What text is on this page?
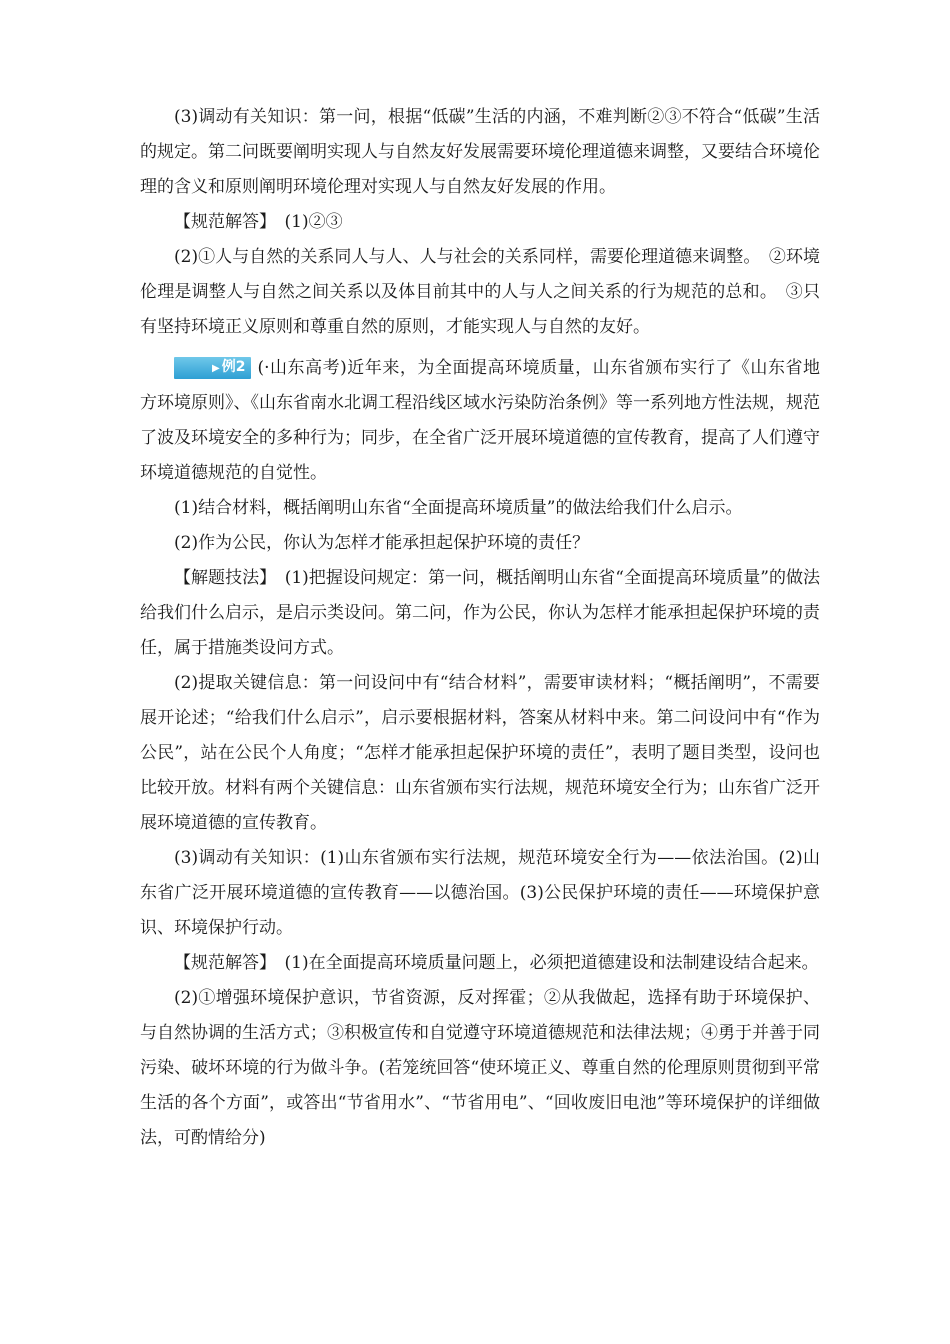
(3)调动有关知识：第一问，根据“低碳”生活的内涵，不难判断②③不符合“低碳”生活的规定。第二问既要阐明实现人与自然友好发展需要环境伦理道德来调整，又要结合环境伦理的含义和原则阐明环境伦理对实现人与自然友好发展的作用。

【规范解答】　(1)②③

(2)①人与自然的关系同人与人、人与社会的关系同样，需要伦理道德来调整。　②环境伦理是调整人与自然之间关系以及体目前其中的人与人之间关系的行为规范的总和。　③只有坚持环境正义原则和尊重自然的原则，才能实现人与自然的友好。

▶ 例2 (·山东高考)近年来，为全面提高环境质量，山东省颁布实行了《山东省地方环境原则》、《山东省南水北调工程沿线区域水污染防治条例》等一系列地方性法规，规范了波及环境安全的多种行为；同步，在全省广泛开展环境道德的宣传教育，提高了人们遵守环境道德规范的自觉性。

(1)结合材料，概括阐明山东省“全面提高环境质量”的做法给我们什么启示。

(2)作为公民，你认为怎样才能承担起保护环境的责任？

【解题技法】　(1)把握设问规定：第一问，概括阐明山东省“全面提高环境质量”的做法给我们什么启示，是启示类设问。第二问，作为公民，你认为怎样才能承担起保护环境的责任，属于措施类设问方式。

(2)提取关键信息：第一问设问中有“结合材料”，需要审读材料；“概括阐明”，不需要展开论述；“给我们什么启示”，启示要根据材料，答案从材料中来。第二问设问中有“作为公民”，站在公民个人角度；“怎样才能承担起保护环境的责任”，表明了题目类型，设问也比较开放。材料有两个关键信息：山东省颁布实行法规，规范环境安全行为；山东省广泛开展环境道德的宣传教育。

(3)调动有关知识：(1)山东省颁布实行法规，规范环境安全行为——依法治国。(2)山东省广泛开展环境道德的宣传教育——以德治国。(3)公民保护环境的责任——环境保护意识、环境保护行动。

【规范解答】　(1)在全面提高环境质量问题上，必须把道德建设和法制建设结合起来。

(2)①增强环境保护意识，节省资源，反对挥霍；②从我做起，选择有助于环境保护、与自然协调的生活方式；③积极宣传和自觉遵守环境道德规范和法律法规；④勇于并善于同污染、破坏环境的行为做斗争。(若笼统回答“使环境正义、尊重自然的伦理原则贯彻到平常生活的各个方面”，或答出“节省用水”、“节省用电”、“回收废旧电池”等环境保护的详细做法，可酌情给分)
